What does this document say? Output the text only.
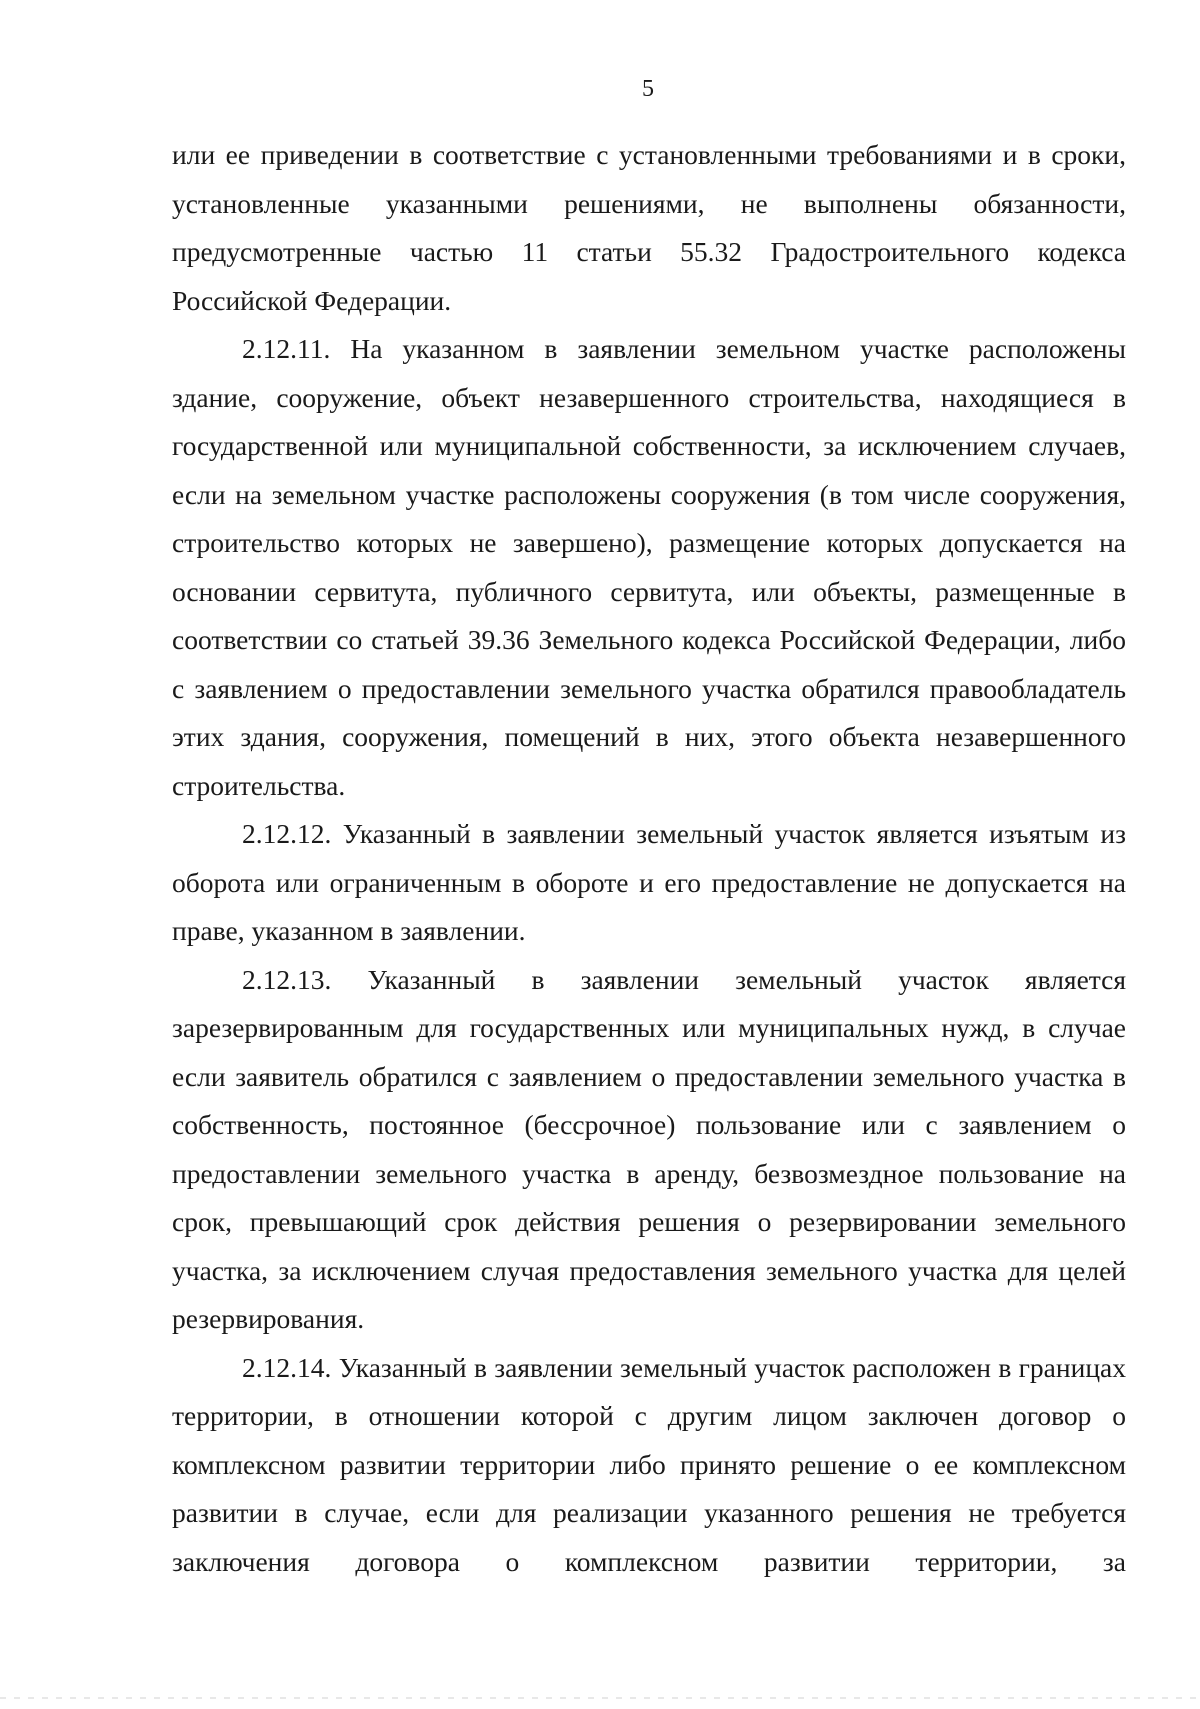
5

или ее приведении в соответствие с установленными требованиями и в сроки, установленные указанными решениями, не выполнены обязанности, предусмотренные частью 11 статьи 55.32 Градостроительного кодекса Российской Федерации.

2.12.11. На указанном в заявлении земельном участке расположены здание, сооружение, объект незавершенного строительства, находящиеся в государственной или муниципальной собственности, за исключением случаев, если на земельном участке расположены сооружения (в том числе сооружения, строительство которых не завершено), размещение которых допускается на основании сервитута, публичного сервитута, или объекты, размещенные в соответствии со статьей 39.36 Земельного кодекса Российской Федерации, либо с заявлением о предоставлении земельного участка обратился правообладатель этих здания, сооружения, помещений в них, этого объекта незавершенного строительства.

2.12.12. Указанный в заявлении земельный участок является изъятым из оборота или ограниченным в обороте и его предоставление не допускается на праве, указанном в заявлении.

2.12.13. Указанный в заявлении земельный участок является зарезервированным для государственных или муниципальных нужд, в случае если заявитель обратился с заявлением о предоставлении земельного участка в собственность, постоянное (бессрочное) пользование или с заявлением о предоставлении земельного участка в аренду, безвозмездное пользование на срок, превышающий срок действия решения о резервировании земельного участка, за исключением случая предоставления земельного участка для целей резервирования.

2.12.14. Указанный в заявлении земельный участок расположен в границах территории, в отношении которой с другим лицом заключен договор о комплексном развитии территории либо принято решение о ее комплексном развитии в случае, если для реализации указанного решения не требуется заключения договора о комплексном развитии территории, за
